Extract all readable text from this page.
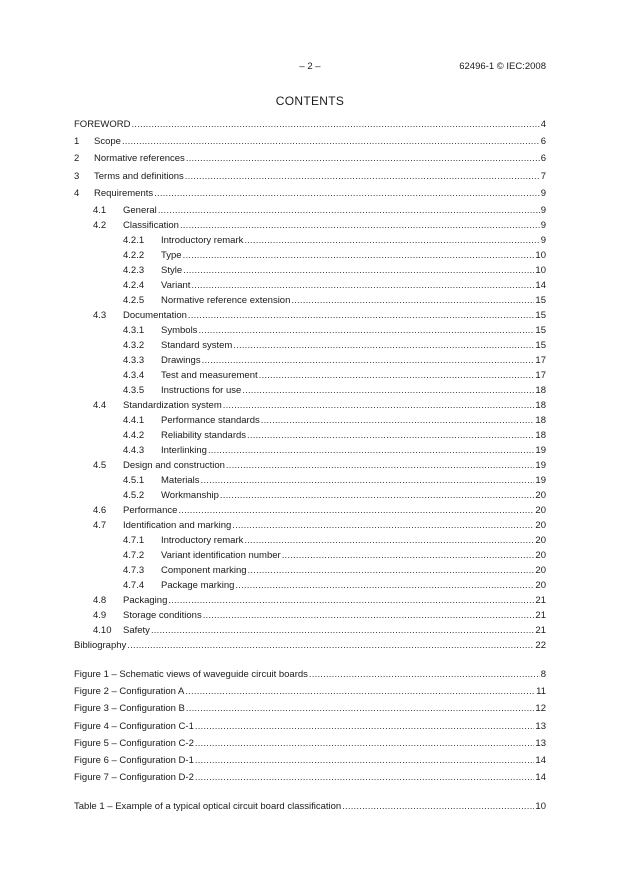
– 2 –	62496-1 © IEC:2008
CONTENTS
FOREWORD .....	4
1	Scope .....	6
2	Normative references .....	6
3	Terms and definitions .....	7
4	Requirements .....	9
4.1	General .....	9
4.2	Classification .....	9
4.2.1	Introductory remark .....	9
4.2.2	Type .....	10
4.2.3	Style .....	10
4.2.4	Variant .....	14
4.2.5	Normative reference extension .....	15
4.3	Documentation .....	15
4.3.1	Symbols .....	15
4.3.2	Standard system .....	15
4.3.3	Drawings .....	17
4.3.4	Test and measurement .....	17
4.3.5	Instructions for use .....	18
4.4	Standardization system .....	18
4.4.1	Performance standards .....	18
4.4.2	Reliability standards .....	18
4.4.3	Interlinking .....	19
4.5	Design and construction .....	19
4.5.1	Materials .....	19
4.5.2	Workmanship .....	20
4.6	Performance .....	20
4.7	Identification and marking .....	20
4.7.1	Introductory remark .....	20
4.7.2	Variant identification number .....	20
4.7.3	Component marking .....	20
4.7.4	Package marking .....	20
4.8	Packaging .....	21
4.9	Storage conditions .....	21
4.10	Safety .....	21
Bibliography .....	22
Figure 1 – Schematic views of waveguide circuit boards .....	8
Figure 2 – Configuration A .....	11
Figure 3 – Configuration B .....	12
Figure 4 – Configuration C-1 .....	13
Figure 5 – Configuration C-2 .....	13
Figure 6 – Configuration D-1 .....	14
Figure 7 – Configuration D-2 .....	14
Table 1 – Example of a typical optical circuit board classification .....	10
